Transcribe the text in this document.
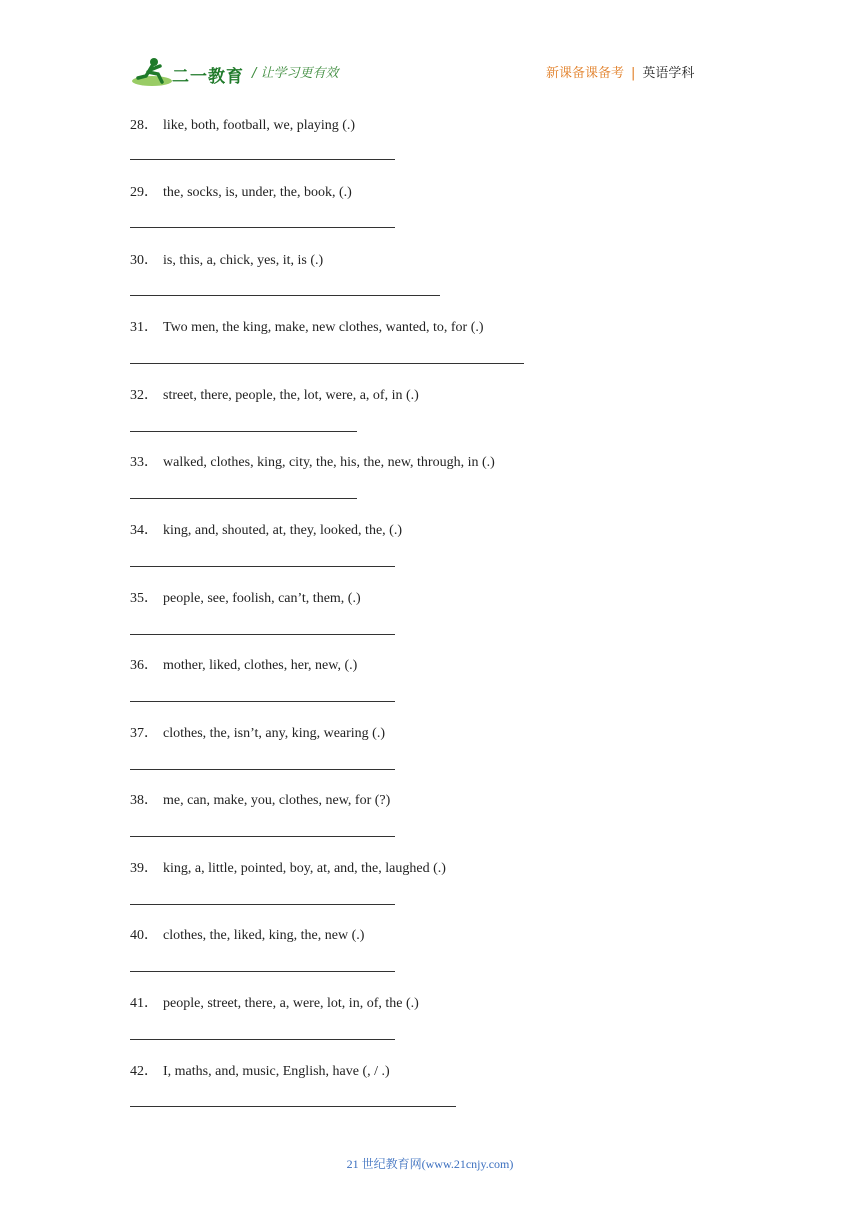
二一教育 / 让学习更有效	新课备课备考 | 英语学科
28． like, both, football, we, playing (.)
29． the, socks, is, under, the, book, (.)
30． is, this, a, chick, yes, it, is (.)
31． Two men, the king, make, new clothes, wanted, to, for (.)
32． street, there, people, the, lot, were, a, of, in (.)
33． walked, clothes, king, city, the, his, the, new, through, in (.)
34． king, and, shouted, at, they, looked, the, (.)
35． people, see, foolish, can’t, them, (.)
36． mother, liked, clothes, her, new, (.)
37． clothes, the, isn’t, any, king, wearing (.)
38． me, can, make, you, clothes, new, for (?)
39． king, a, little, pointed, boy, at, and, the, laughed (.)
40． clothes, the, liked, king, the, new (.)
41． people, street, there, a, were, lot, in, of, the (.)
42． I, maths, and, music, English, have (, / .)
21 世纪教育网(www.21cnjy.com)
